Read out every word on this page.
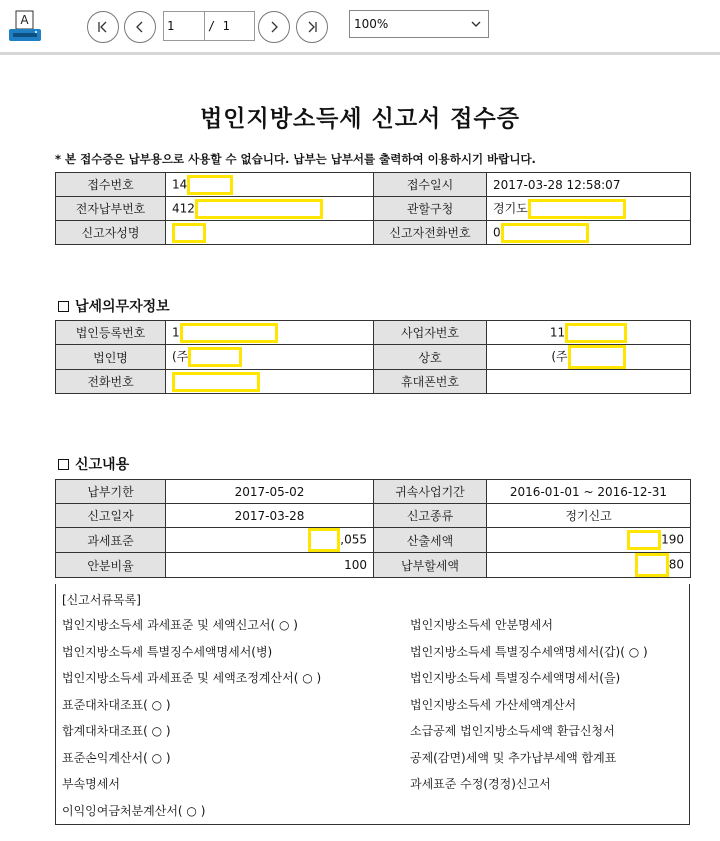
A	1	/ 1	100%
법인지방소득세 신고서 접수증
* 본 접수증은 납부용으로 사용할 수 없습니다. 납부는 납부서를 출력하여 이용하시기 바랍니다.
접수번호	14	접수일시	2017-03-28 12:58:07
전자납부번호	412	관할구청	경기도
신고자성명		신고자전화번호	0
납세의무자정보
법인등록번호	1	사업자번호	11
법인명	(주	상호	(주
전화번호		휴대폰번호	
신고내용
납부기한	2017-05-02	귀속사업기간	2016-01-01 ~ 2016-12-31
신고일자	2017-03-28	신고종류	정기신고
과세표준	,055	산출세액	190
안분비율	100	납부할세액	80
[신고서류목록]
법인지방소득세 과세표준 및 세액신고서( ○ )	법인지방소득세 안분명세서
법인지방소득세 특별징수세액명세서(병)	법인지방소득세 특별징수세액명세서(갑)( ○ )
법인지방소득세 과세표준 및 세액조정계산서( ○ )	법인지방소득세 특별징수세액명세서(을)
표준대차대조표( ○ )	법인지방소득세 가산세액계산서
합계대차대조표( ○ )	소급공제 법인지방소득세액 환급신청서
표준손익계산서( ○ )	공제(감면)세액 및 추가납부세액 합계표
부속명세서	과세표준 수정(경정)신고서
이익잉여금처분계산서( ○ )
